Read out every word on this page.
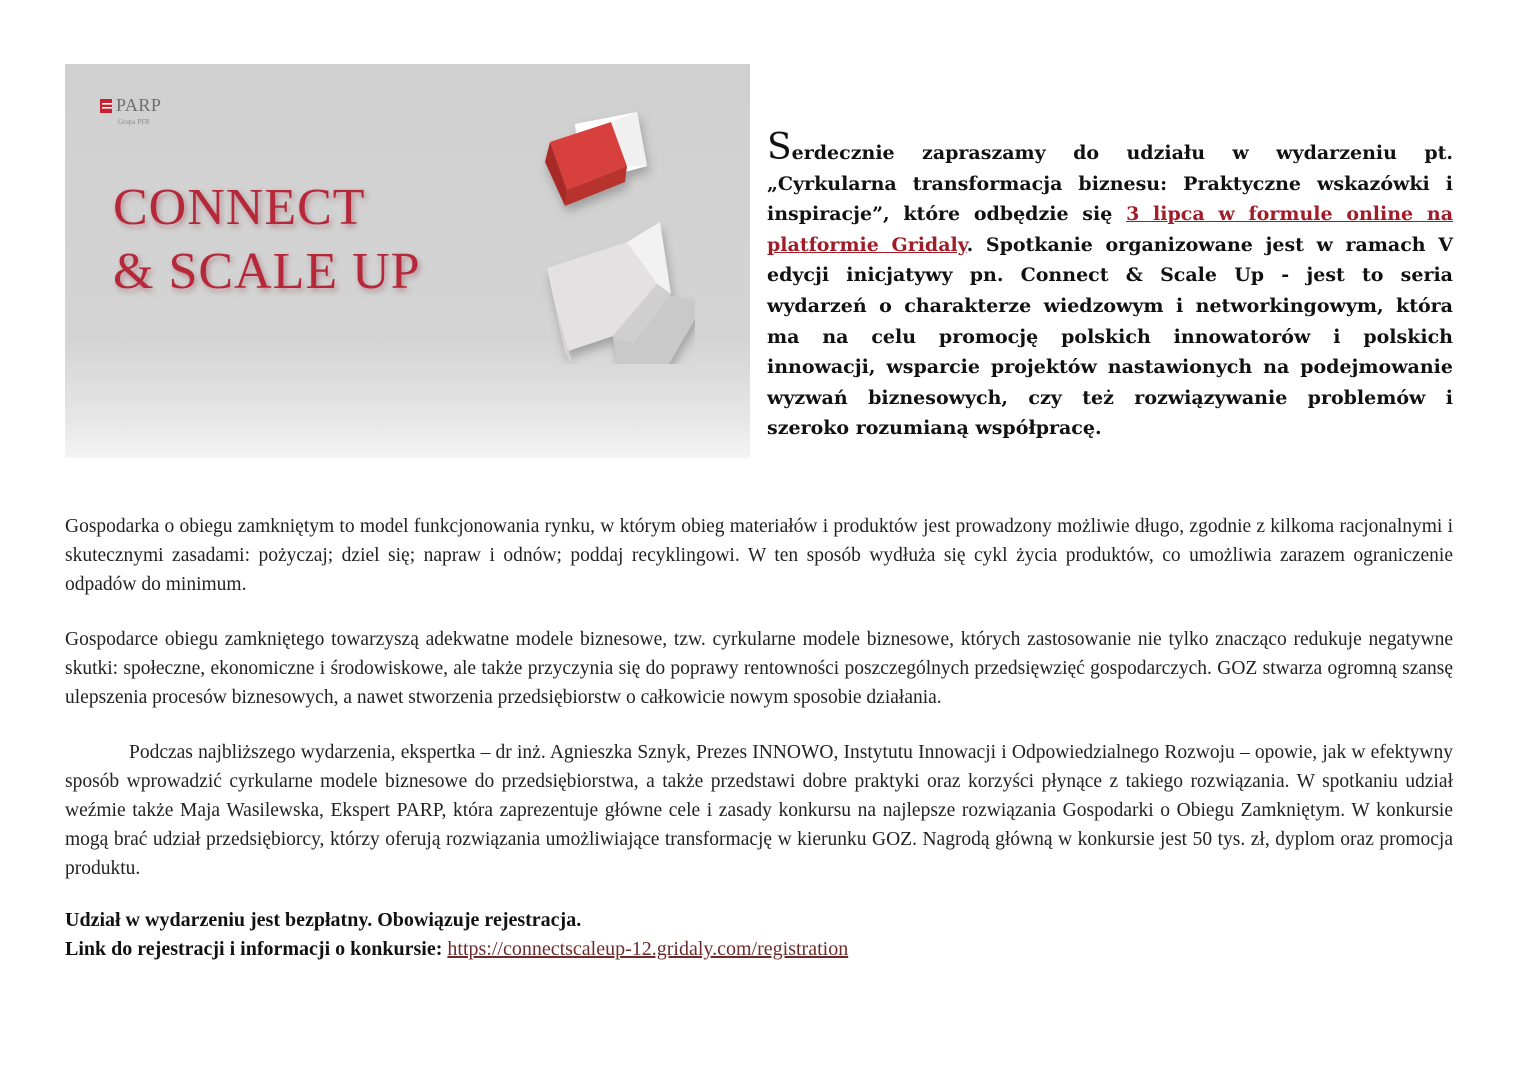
PARP
Grupa PFR
CONNECT
& SCALE UP

Serdecznie zapraszamy do udziału w wydarzeniu pt. „Cyrkularna transformacja biznesu: Praktyczne wskazówki i inspiracje”, które odbędzie się 3 lipca w formule online na platformie Gridaly. Spotkanie organizowane jest w ramach V edycji inicjatywy pn. Connect & Scale Up - jest to seria wydarzeń o charakterze wiedzowym i networkingowym, która ma na celu promocję polskich innowatorów i polskich innowacji, wsparcie projektów nastawionych na podejmowanie wyzwań biznesowych, czy też rozwiązywanie problemów i szeroko rozumianą współpracę.

Gospodarka o obiegu zamkniętym to model funkcjonowania rynku, w którym obieg materiałów i produktów jest prowadzony możliwie długo, zgodnie z kilkoma racjonalnymi i skutecznymi zasadami: pożyczaj; dziel się; napraw i odnów; poddaj recyklingowi. W ten sposób wydłuża się cykl życia produktów, co umożliwia zarazem ograniczenie odpadów do minimum.

Gospodarce obiegu zamkniętego towarzyszą adekwatne modele biznesowe, tzw. cyrkularne modele biznesowe, których zastosowanie nie tylko znacząco redukuje negatywne skutki: społeczne, ekonomiczne i środowiskowe, ale także przyczynia się do poprawy rentowności poszczególnych przedsięwzięć gospodarczych. GOZ stwarza ogromną szansę ulepszenia procesów biznesowych, a nawet stworzenia przedsiębiorstw o całkowicie nowym sposobie działania.

Podczas najbliższego wydarzenia, ekspertka – dr inż. Agnieszka Sznyk, Prezes INNOWO, Instytutu Innowacji i Odpowiedzialnego Rozwoju – opowie, jak w efektywny sposób wprowadzić cyrkularne modele biznesowe do przedsiębiorstwa, a także przedstawi dobre praktyki oraz korzyści płynące z takiego rozwiązania. W spotkaniu udział weźmie także Maja Wasilewska, Ekspert PARP, która zaprezentuje główne cele i zasady konkursu na najlepsze rozwiązania Gospodarki o Obiegu Zamkniętym. W konkursie mogą brać udział przedsiębiorcy, którzy oferują rozwiązania umożliwiające transformację w kierunku GOZ. Nagrodą główną w konkursie jest 50 tys. zł, dyplom oraz promocja produktu.

Udział w wydarzeniu jest bezpłatny. Obowiązuje rejestracja.
Link do rejestracji i informacji o konkursie: https://connectscaleup-12.gridaly.com/registration
